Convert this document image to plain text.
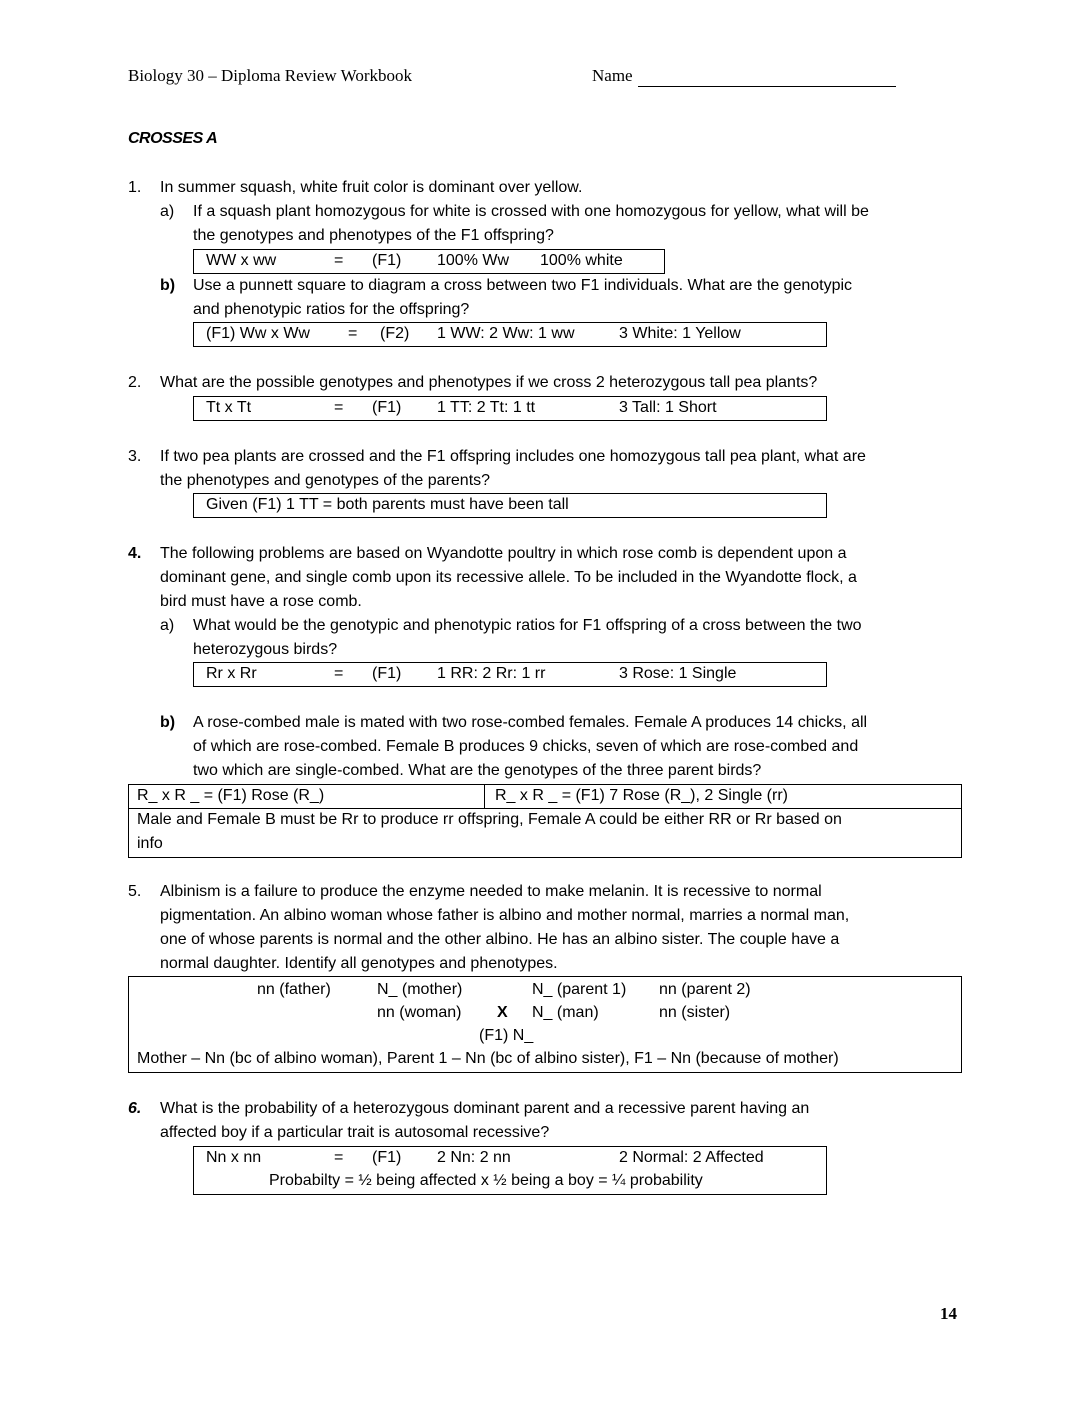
Biology 30 – Diploma Review Workbook	Name
CROSSES A
1. In summer squash, white fruit color is dominant over yellow.
a) If a squash plant homozygous for white is crossed with one homozygous for yellow, what will be
the genotypes and phenotypes of the F1 offspring?
WW x ww	= (F1) 100% Ww 100% white
b) Use a punnett square to diagram a cross between two F1 individuals. What are the genotypic
and phenotypic ratios for the offspring?
(F1) Ww x Ww = (F2) 1 WW: 2 Ww: 1 ww	3 White: 1 Yellow
2. What are the possible genotypes and phenotypes if we cross 2 heterozygous tall pea plants?
Tt x Tt	= (F1) 1 TT: 2 Tt: 1 tt	3 Tall: 1 Short
3. If two pea plants are crossed and the F1 offspring includes one homozygous tall pea plant, what are
the phenotypes and genotypes of the parents?
Given (F1) 1 TT = both parents must have been tall
4. The following problems are based on Wyandotte poultry in which rose comb is dependent upon a
dominant gene, and single comb upon its recessive allele. To be included in the Wyandotte flock, a
bird must have a rose comb.
a) What would be the genotypic and phenotypic ratios for F1 offspring of a cross between the two
heterozygous birds?
Rr x Rr	= (F1) 1 RR: 2 Rr: 1 rr	3 Rose: 1 Single
b) A rose-combed male is mated with two rose-combed females. Female A produces 14 chicks, all
of which are rose-combed. Female B produces 9 chicks, seven of which are rose-combed and
two which are single-combed. What are the genotypes of the three parent birds?
R_ x R _ = (F1) Rose (R_)	R_ x R _ = (F1) 7 Rose (R_), 2 Single (rr)
Male and Female B must be Rr to produce rr offspring, Female A could be either RR or Rr based on
info
5. Albinism is a failure to produce the enzyme needed to make melanin. It is recessive to normal
pigmentation. An albino woman whose father is albino and mother normal, marries a normal man,
one of whose parents is normal and the other albino. He has an albino sister. The couple have a
normal daughter. Identify all genotypes and phenotypes.
nn (father)	N_ (mother)	N_ (parent 1) nn (parent 2)
nn (woman) X N_ (man)	nn (sister)
(F1) N_
Mother – Nn (bc of albino woman), Parent 1 – Nn (bc of albino sister), F1 – Nn (because of mother)
6. What is the probability of a heterozygous dominant parent and a recessive parent having an
affected boy if a particular trait is autosomal recessive?
Nn x nn	= (F1) 2 Nn: 2 nn	2 Normal: 2 Affected
Probabilty = ½ being affected x ½ being a boy = ¼ probability
14
